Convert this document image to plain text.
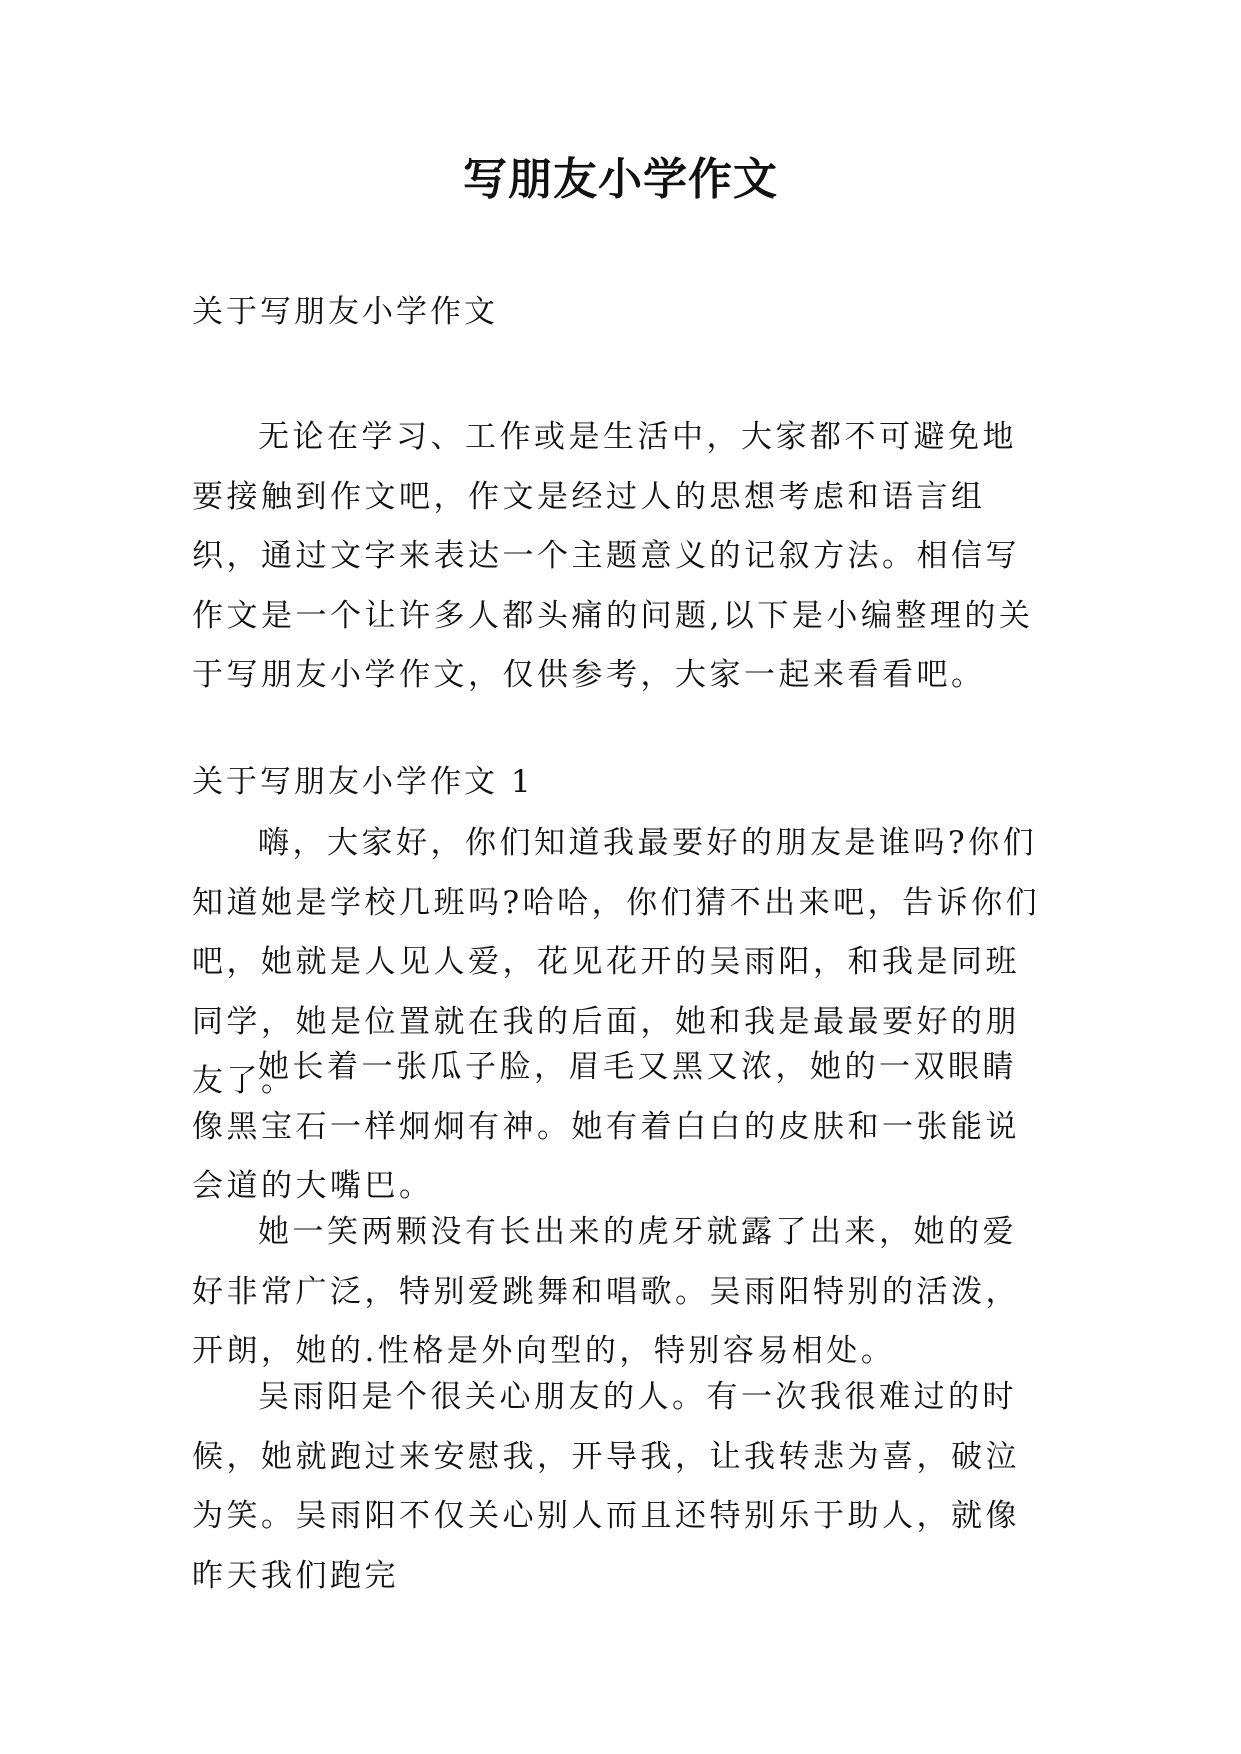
写朋友小学作文
关于写朋友小学作文

无论在学习、工作或是生活中，大家都不可避免地要接触到作文吧，作文是经过人的思想考虑和语言组织，通过文字来表达一个主题意义的记叙方法。相信写作文是一个让许多人都头痛的问题,以下是小编整理的关于写朋友小学作文，仅供参考，大家一起来看看吧。

关于写朋友小学作文 1

嗨，大家好，你们知道我最要好的朋友是谁吗?你们知道她是学校几班吗?哈哈，你们猜不出来吧，告诉你们吧，她就是人见人爱，花见花开的吴雨阳，和我是同班同学，她是位置就在我的后面，她和我是最最要好的朋友了。

她长着一张瓜子脸，眉毛又黑又浓，她的一双眼睛像黑宝石一样炯炯有神。她有着白白的皮肤和一张能说会道的大嘴巴。

她一笑两颗没有长出来的虎牙就露了出来，她的爱好非常广泛，特别爱跳舞和唱歌。吴雨阳特别的活泼，开朗，她的.性格是外向型的，特别容易相处。

吴雨阳是个很关心朋友的人。有一次我很难过的时候，她就跑过来安慰我，开导我，让我转悲为喜，破泣为笑。吴雨阳不仅关心别人而且还特别乐于助人，就像昨天我们跑完
